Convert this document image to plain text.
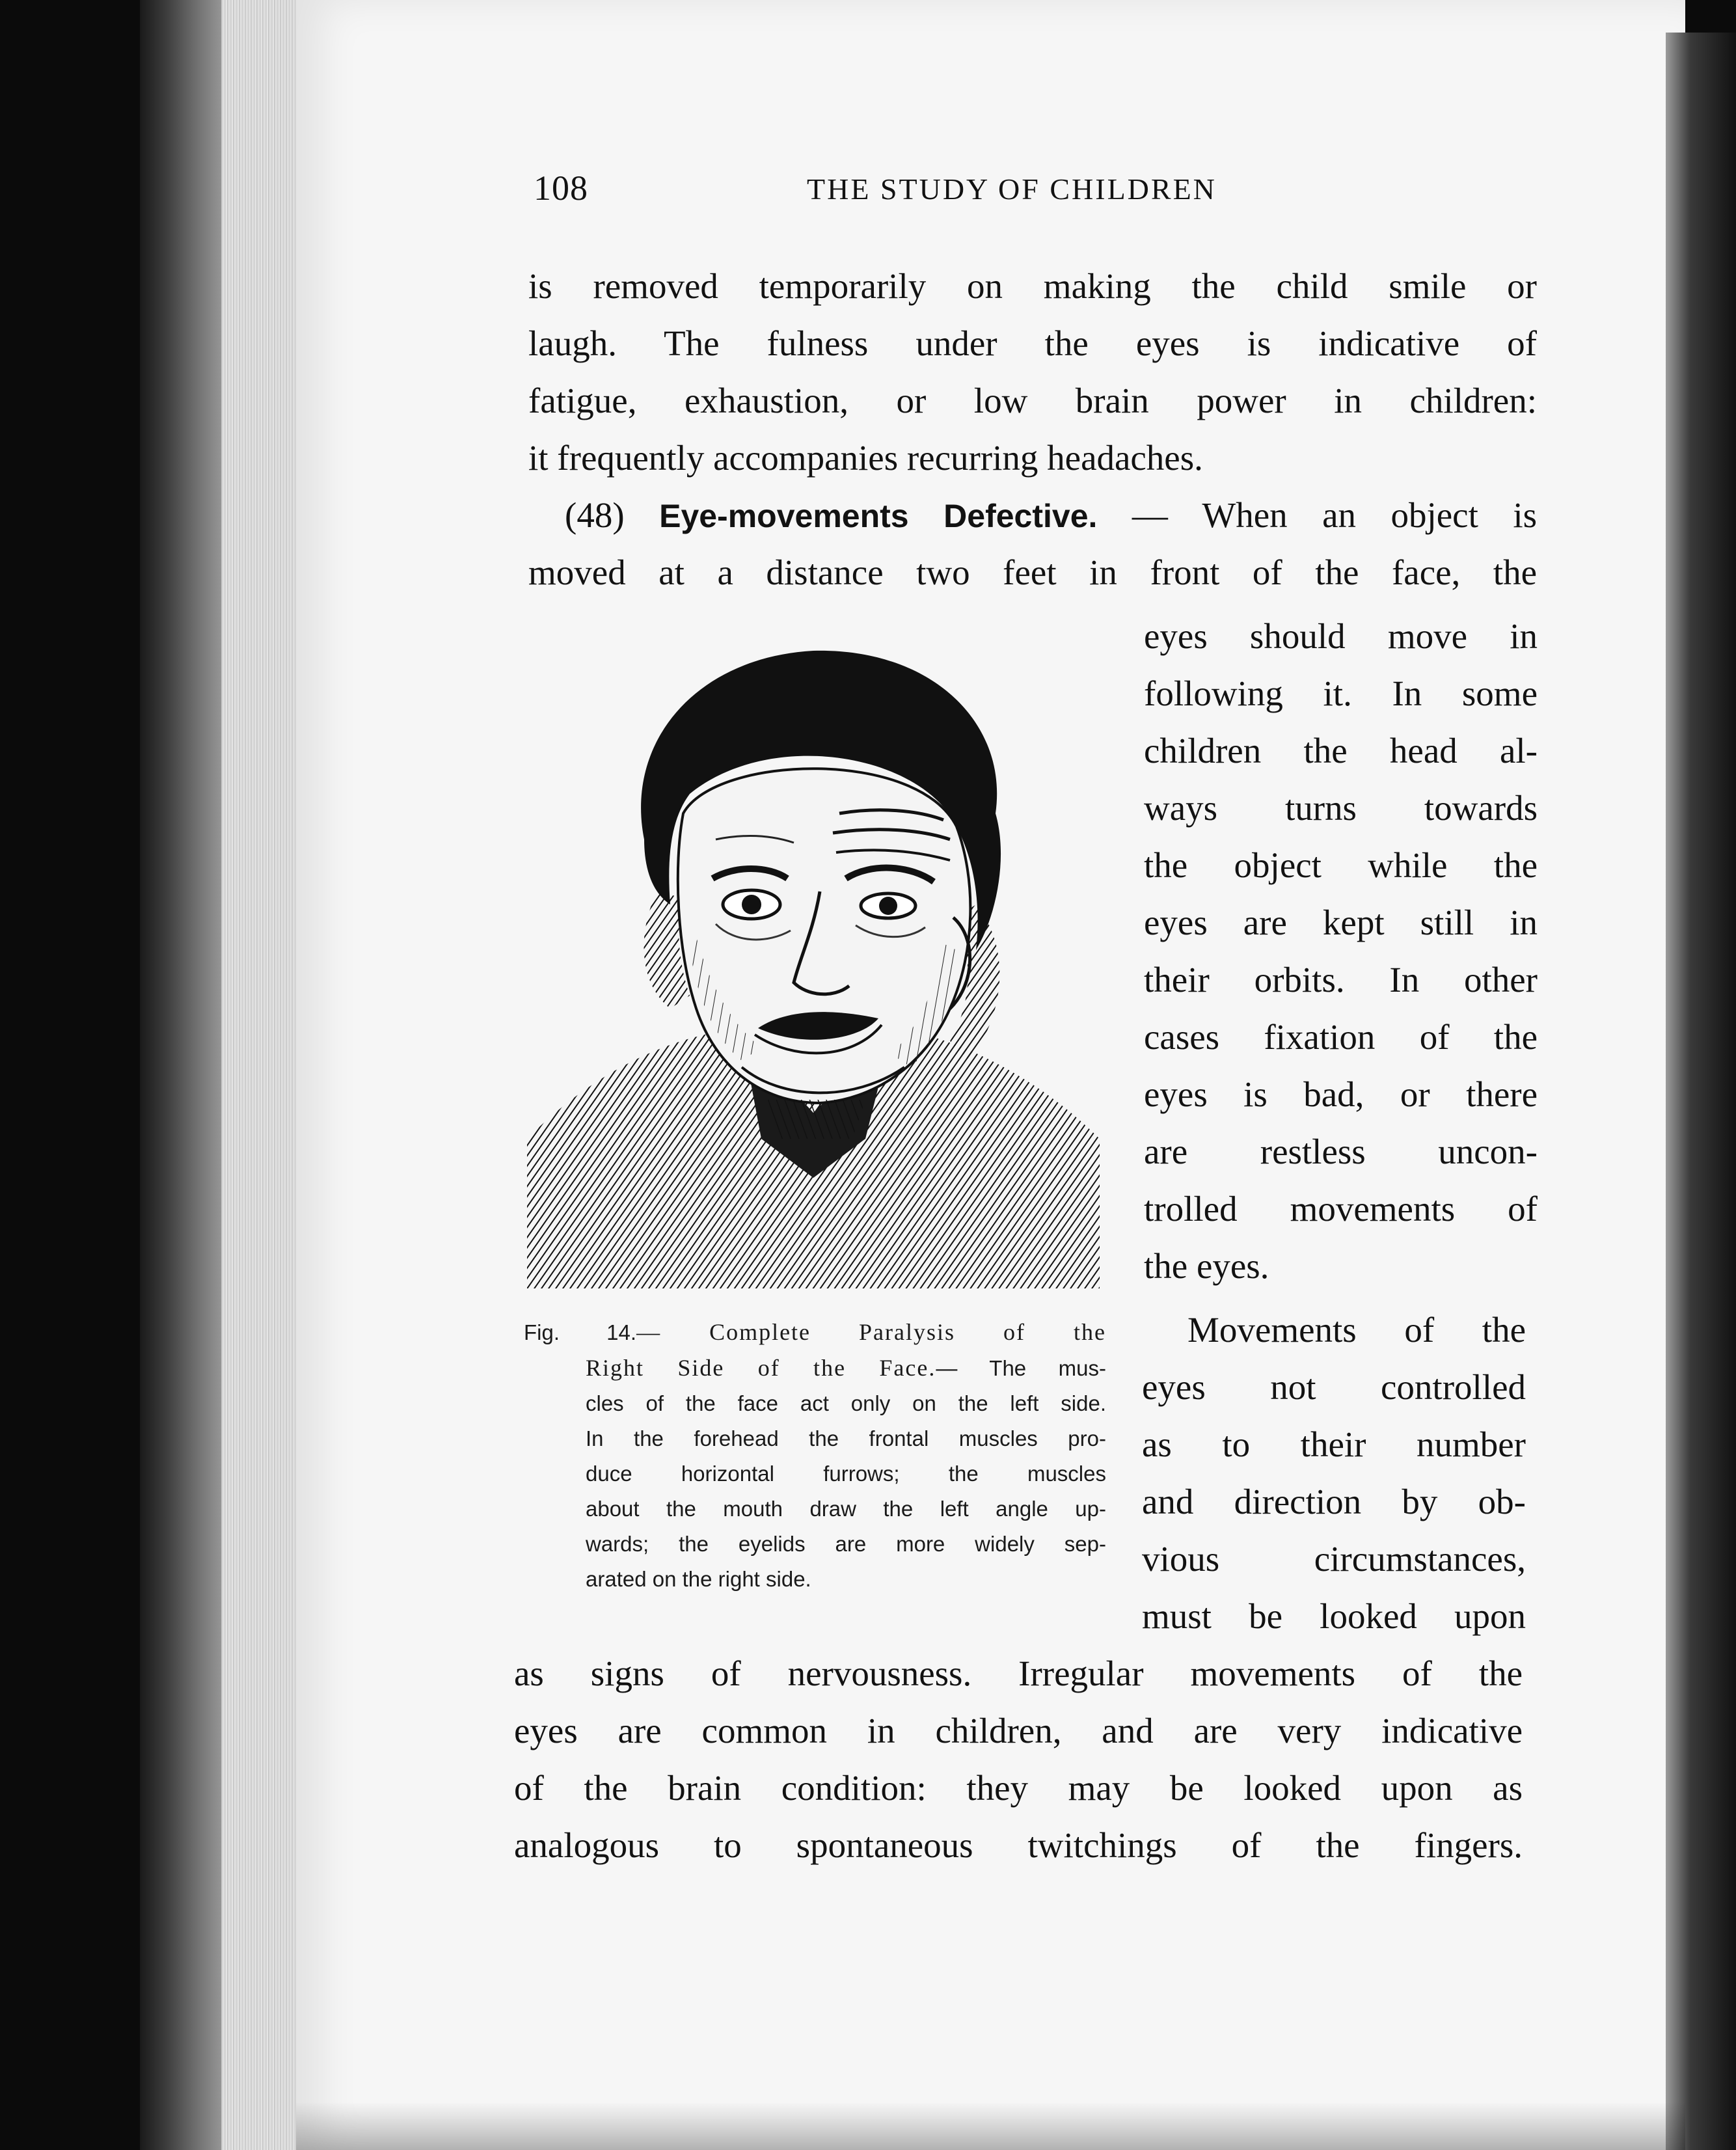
108	THE STUDY OF CHILDREN
is removed temporarily on making the child smile or
laugh. The fulness under the eyes is indicative of
fatigue, exhaustion, or low brain power in children:
it frequently accompanies recurring headaches.
(48) Eye-movements Defective. — When an object is
moved at a distance two feet in front of the face, the
eyes should move in
following it. In some
children the head al-
ways turns towards
the object while the
eyes are kept still in
their orbits. In other
cases fixation of the
eyes is bad, or there
are restless uncon-
trolled movements of
the eyes.
Movements of the
eyes not controlled
as to their number
and direction by ob-
vious circumstances,
must be looked upon
as signs of nervousness. Irregular movements of the
eyes are common in children, and are very indicative
of the brain condition: they may be looked upon as
analogous to spontaneous twitchings of the fingers.
Fig. 14.— Complete Paralysis of the
Right Side of the Face.— The mus-
cles of the face act only on the left side.
In the forehead the frontal muscles pro-
duce horizontal furrows; the muscles
about the mouth draw the left angle up-
wards; the eyelids are more widely sep-
arated on the right side.
